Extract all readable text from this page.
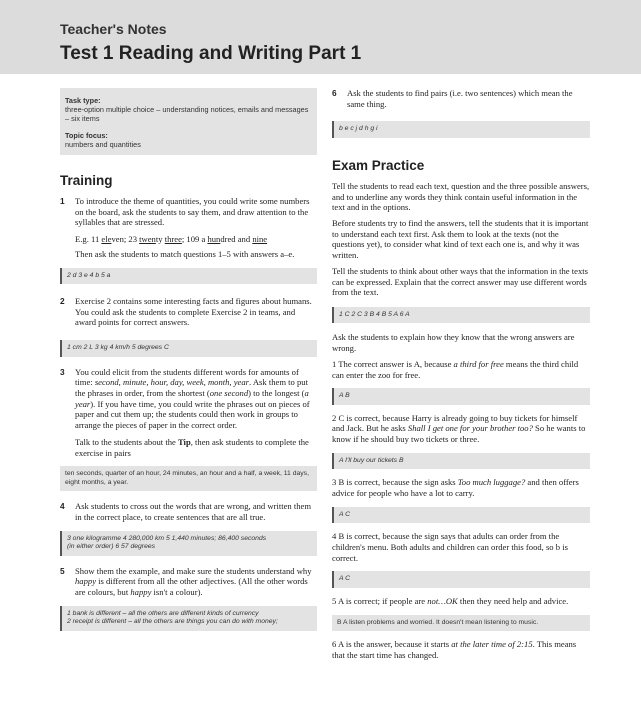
Teacher's Notes
Test 1 Reading and Writing Part 1
Task type:
three-option multiple choice – understanding notices, emails and messages – six items
Topic focus:
numbers and quantities
Training
1	To introduce the theme of quantities, you could write some numbers on the board, ask the students to say them, and draw attention to the syllables that are stressed.
E.g. 11 eleven; 23 twenty three; 109 a hundred and nine
Then ask the students to match questions 1–5 with answers a–e.
2 d 3 e 4 b 5 a
2	Exercise 2 contains some interesting facts and figures about humans. You could ask the students to complete Exercise 2 in teams, and award points for correct answers.
1 cm 2 L 3 kg 4 km/h 5 degrees C
3	You could elicit from the students different words for amounts of time: second, minute, hour, day, week, month, year. Ask them to put the phrases in order, from the shortest (one second) to the longest (a year). If you have time, you could write the phrases out on pieces of paper and cut them up; the students could then work in groups to arrange the pieces of paper in the correct order.
Talk to the students about the Tip, then ask students to complete the exercise in pairs
ten seconds, quarter of an hour, 24 minutes, an hour and a half, a week, 11 days, eight months, a year.
4	Ask students to cross out the words that are wrong, and written them in the correct place, to create sentences that are all true.
3 one kilogramme 4 280,000 km 5 1,440 minutes; 86,400 seconds
(in either order) 6 57 degrees
5	Show them the example, and make sure the students understand why happy is different from all the other adjectives. (All the other words are colours, but happy isn't a colour).
1 bank is different – all the others are different kinds of currency
2 receipt is different – all the others are things you can do with money;
6	Ask the students to find pairs (i.e. two sentences) which mean the same thing.
b e c j d h g i
Exam Practice
Tell the students to read each text, question and the three possible answers, and to underline any words they think contain useful information in the text and in the options.
Before students try to find the answers, tell the students that it is important to understand each text first. Ask them to look at the texts (not the questions yet), to consider what kind of text each one is, and why it was written.
Tell the students to think about other ways that the information in the texts can be expressed. Explain that the correct answer may use different words from the text.
1 C 2 C 3 B 4 B 5 A 6 A
Ask the students to explain how they know that the wrong answers are wrong.
1 The correct answer is A, because a third for free means the third child can enter the zoo for free.
A B
2 C is correct, because Harry is already going to buy tickets for himself and Jack. But he asks Shall I get one for your brother too? So he wants to know if he should buy two tickets or three.
A I'll buy our tickets B
3 B is correct, because the sign asks Too much luggage? and then offers advice for people who have a lot to carry.
A C
4 B is correct, because the sign says that adults can order from the children's menu. Both adults and children can order this food, so b is correct.
A C
5 A is correct; if people are not…OK then they need help and advice.
B A listen problems and worried. It doesn't mean listening to music.
6 A is the answer, because it starts at the later time of 2:15. This means that the start time has changed.
